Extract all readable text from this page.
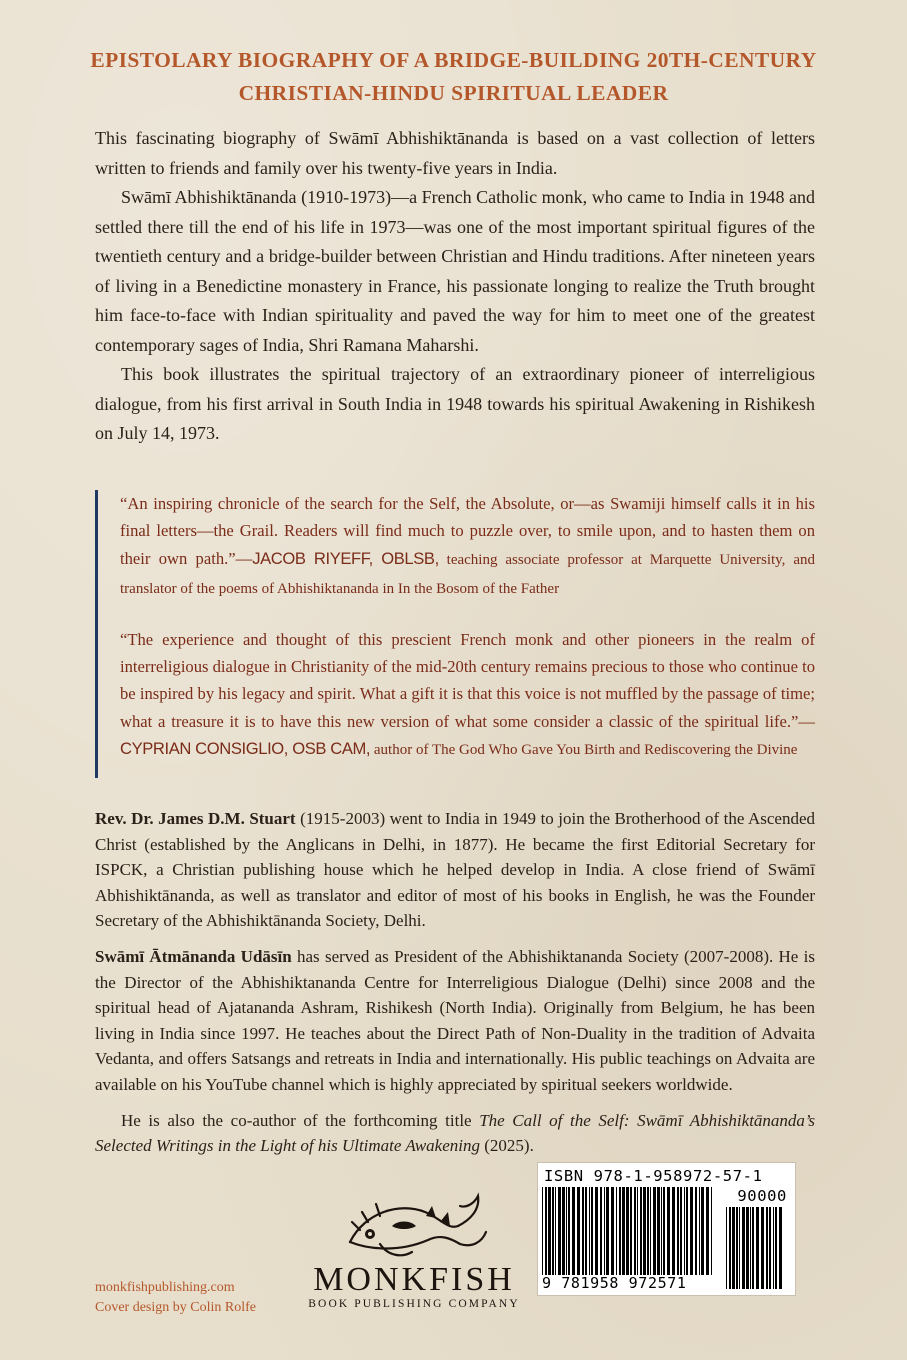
EPISTOLARY BIOGRAPHY OF A BRIDGE-BUILDING 20TH-CENTURY
CHRISTIAN-HINDU SPIRITUAL LEADER

This fascinating biography of Swāmī Abhishiktānanda is based on a vast collection of letters written to friends and family over his twenty-five years in India.

Swāmī Abhishiktānanda (1910-1973)—a French Catholic monk, who came to India in 1948 and settled there till the end of his life in 1973—was one of the most important spiritual figures of the twentieth century and a bridge-builder between Christian and Hindu traditions. After nineteen years of living in a Benedictine monastery in France, his passionate longing to realize the Truth brought him face-to-face with Indian spirituality and paved the way for him to meet one of the greatest contemporary sages of India, Shri Ramana Maharshi.

This book illustrates the spiritual trajectory of an extraordinary pioneer of interreligious dialogue, from his first arrival in South India in 1948 towards his spiritual Awakening in Rishikesh on July 14, 1973.

“An inspiring chronicle of the search for the Self, the Absolute, or—as Swamiji himself calls it in his final letters—the Grail. Readers will find much to puzzle over, to smile upon, and to hasten them on their own path.”—JACOB RIYEFF, OBLSB, teaching associate professor at Marquette University, and translator of the poems of Abhishiktananda in In the Bosom of the Father

“The experience and thought of this prescient French monk and other pioneers in the realm of interreligious dialogue in Christianity of the mid-20th century remains precious to those who continue to be inspired by his legacy and spirit. What a gift it is that this voice is not muffled by the passage of time; what a treasure it is to have this new version of what some consider a classic of the spiritual life.”—CYPRIAN CONSIGLIO, OSB CAM, author of The God Who Gave You Birth and Rediscovering the Divine

Rev. Dr. James D.M. Stuart (1915-2003) went to India in 1949 to join the Brotherhood of the Ascended Christ (established by the Anglicans in Delhi, in 1877). He became the first Editorial Secretary for ISPCK, a Christian publishing house which he helped develop in India. A close friend of Swāmī Abhishiktānanda, as well as translator and editor of most of his books in English, he was the Founder Secretary of the Abhishiktānanda Society, Delhi.

Swāmī Ātmānanda Udāsīn has served as President of the Abhishiktananda Society (2007-2008). He is the Director of the Abhishiktananda Centre for Interreligious Dialogue (Delhi) since 2008 and the spiritual head of Ajatananda Ashram, Rishikesh (North India). Originally from Belgium, he has been living in India since 1997. He teaches about the Direct Path of Non-Duality in the tradition of Advaita Vedanta, and offers Satsangs and retreats in India and internationally. His public teachings on Advaita are available on his YouTube channel which is highly appreciated by spiritual seekers worldwide.

He is also the co-author of the forthcoming title The Call of the Self: Swāmī Abhishiktānanda’s Selected Writings in the Light of his Ultimate Awakening (2025).

monkfishpublishing.com
Cover design by Colin Rolfe
MONKFISH
BOOK PUBLISHING COMPANY
ISBN 978-1-958972-57-1
90000
9 781958 972571
